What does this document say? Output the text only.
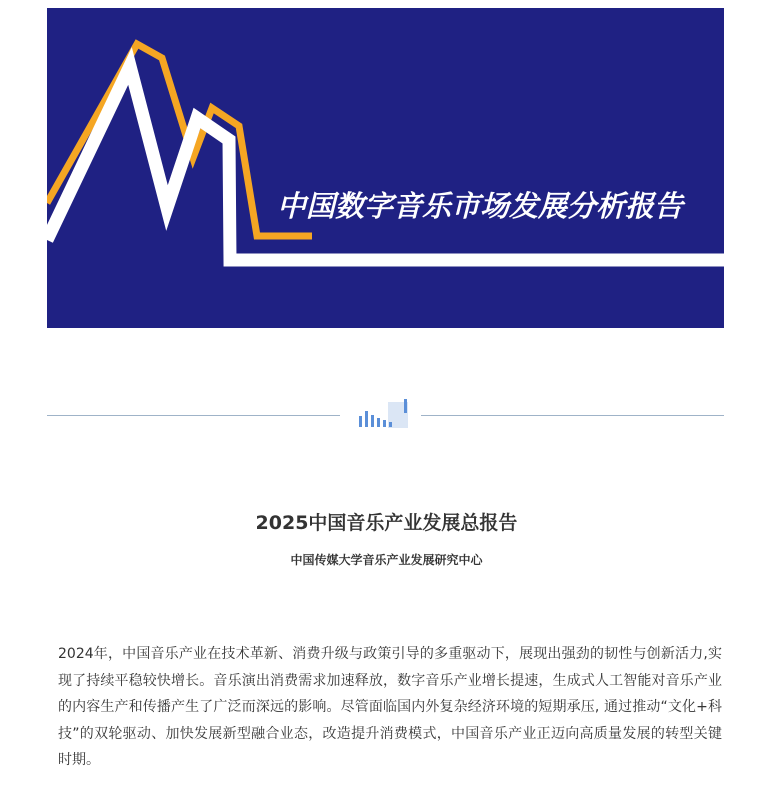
中国数字音乐市场发展分析报告
2025中国音乐产业发展总报告
中国传媒大学音乐产业发展研究中心

2024年，中国音乐产业在技术革新、消费升级与政策引导的多重驱动下，展现出强劲的韧性与创新活力,实现了持续平稳较快增长。音乐演出消费需求加速释放，数字音乐产业增长提速，生成式人工智能对音乐产业的内容生产和传播产生了广泛而深远的影响。尽管面临国内外复杂经济环境的短期承压, 通过推动“文化+科技”的双轮驱动、加快发展新型融合业态，改造提升消费模式，中国音乐产业正迈向高质量发展的转型关键时期。
